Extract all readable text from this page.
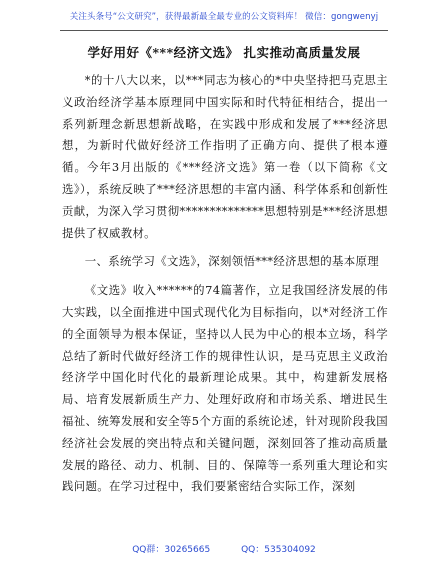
关注头条号“公文研究”，获得最新最全最专业的公文资料库！ 微信：gongwenyj
学好用好《***经济文选》 扎实推动高质量发展

*的十八大以来，以***同志为核心的*中央坚持把马克思主义政治经济学基本原理同中国实际和时代特征相结合，提出一系列新理念新思想新战略，在实践中形成和发展了***经济思想，为新时代做好经济工作指明了正确方向、提供了根本遵循。今年3月出版的《***经济文选》第一卷（以下简称《文选》），系统反映了***经济思想的丰富内涵、科学体系和创新性贡献，为深入学习贯彻**************思想特别是***经济思想提供了权威教材。

一、系统学习《文选》，深刻领悟***经济思想的基本原理

《文选》收入******的74篇著作，立足我国经济发展的伟大实践，以全面推进中国式现代化为目标指向，以*对经济工作的全面领导为根本保证，坚持以人民为中心的根本立场，科学总结了新时代做好经济工作的规律性认识，是马克思主义政治经济学中国化时代化的最新理论成果。其中，构建新发展格局、培育发展新质生产力、处理好政府和市场关系、增进民生福祉、统筹发展和安全等5个方面的系统论述，针对现阶段我国经济社会发展的突出特点和关键问题，深刻回答了推动高质量发展的路径、动力、机制、目的、保障等一系列重大理论和实践问题。在学习过程中，我们要紧密结合实际工作，深刻

QQ群：30265665	QQ：535304092
